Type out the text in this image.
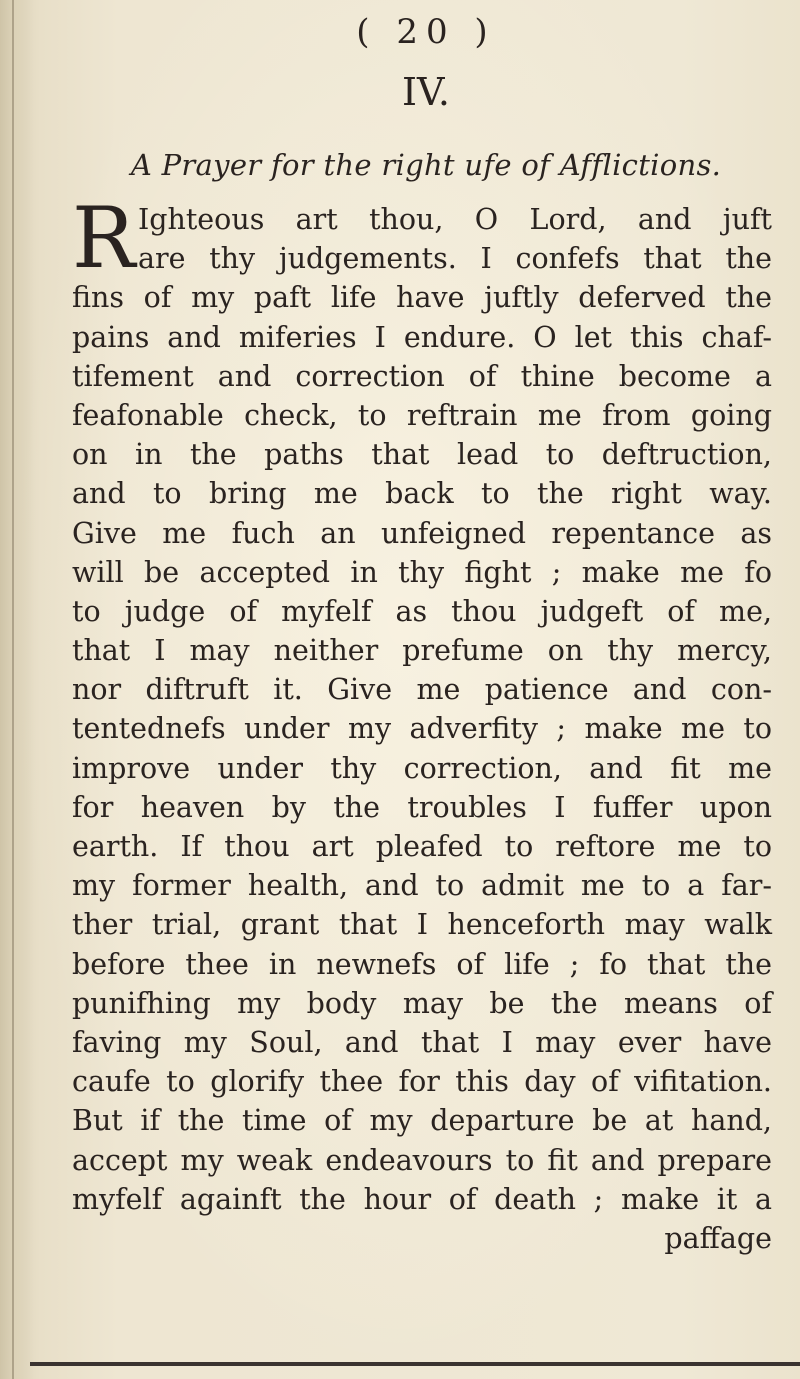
( 20 )
IV.
A Prayer for the right ufe of Afflictions.
R Ighteous art thou, O Lord, and juft
are thy judgements. I confefs that the
fins of my paft life have juftly deferved the
pains and miferies I endure. O let this chaf-
tifement and correction of thine become a
feafonable check, to reftrain me from going
on in the paths that lead to deftruction,
and to bring me back to the right way.
Give me fuch an unfeigned repentance as
will be accepted in thy fight ; make me fo
to judge of myfelf as thou judgeft of me,
that I may neither prefume on thy mercy,
nor diftruft it. Give me patience and con-
tentednefs under my adverfity ; make me to
improve under thy correction, and fit me
for heaven by the troubles I fuffer upon
earth. If thou art pleafed to reftore me to
my former health, and to admit me to a far-
ther trial, grant that I henceforth may walk
before thee in newnefs of life ; fo that the
punifhing my body may be the means of
faving my Soul, and that I may ever have
caufe to glorify thee for this day of vifitation.
But if the time of my departure be at hand,
accept my weak endeavours to fit and prepare
myfelf againft the hour of death ; make it a
paffage
